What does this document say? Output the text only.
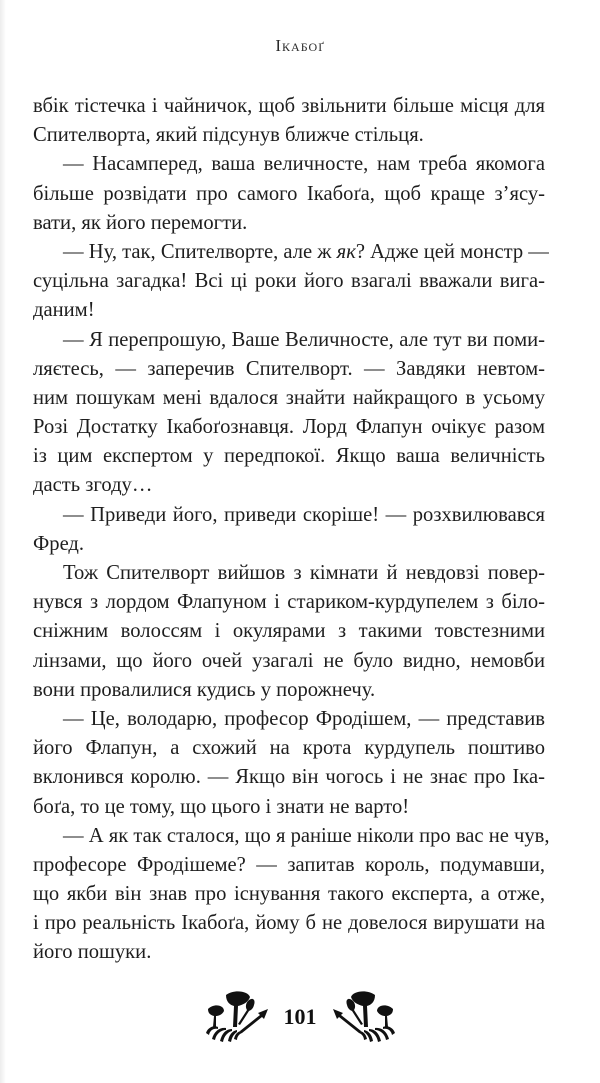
Ікабоґ
вбік тістечка і чайничок, щоб звільнити більше місця для
Спителворта, який підсунув ближче стільця.
— Насамперед, ваша величносте, нам треба якомога
більше розвідати про самого Ікабоґа, щоб краще з’ясу-
вати, як його перемогти.
— Ну, так, Спителворте, але ж як? Адже цей монстр —
суцільна загадка! Всі ці роки його взагалі вважали вига-
даним!
— Я перепрошую, Ваше Величносте, але тут ви поми-
ляєтесь, — заперечив Спителворт. — Завдяки невтом-
ним пошукам мені вдалося знайти найкращого в усьому
Розі Достатку Ікабоґознавця. Лорд Флапун очікує разом
із цим експертом у передпокої. Якщо ваша величність
дасть згоду…
— Приведи його, приведи скоріше! — розхвилювався
Фред.
Тож Спителворт вийшов з кімнати й невдовзі повер-
нувся з лордом Флапуном і стариком-курдупелем з біло-
сніжним волоссям і окулярами з такими товстезними
лінзами, що його очей узагалі не було видно, немовби
вони провалилися кудись у порожнечу.
— Це, володарю, професор Фродішем, — представив
його Флапун, а схожий на крота курдупель поштиво
вклонився королю. — Якщо він чогось і не знає про Іка-
боґа, то це тому, що цього і знати не варто!
— А як так сталося, що я раніше ніколи про вас не чув,
професоре Фродішеме? — запитав король, подумавши,
що якби він знав про існування такого експерта, а отже,
і про реальність Ікабоґа, йому б не довелося вирушати на
його пошуки.
101
